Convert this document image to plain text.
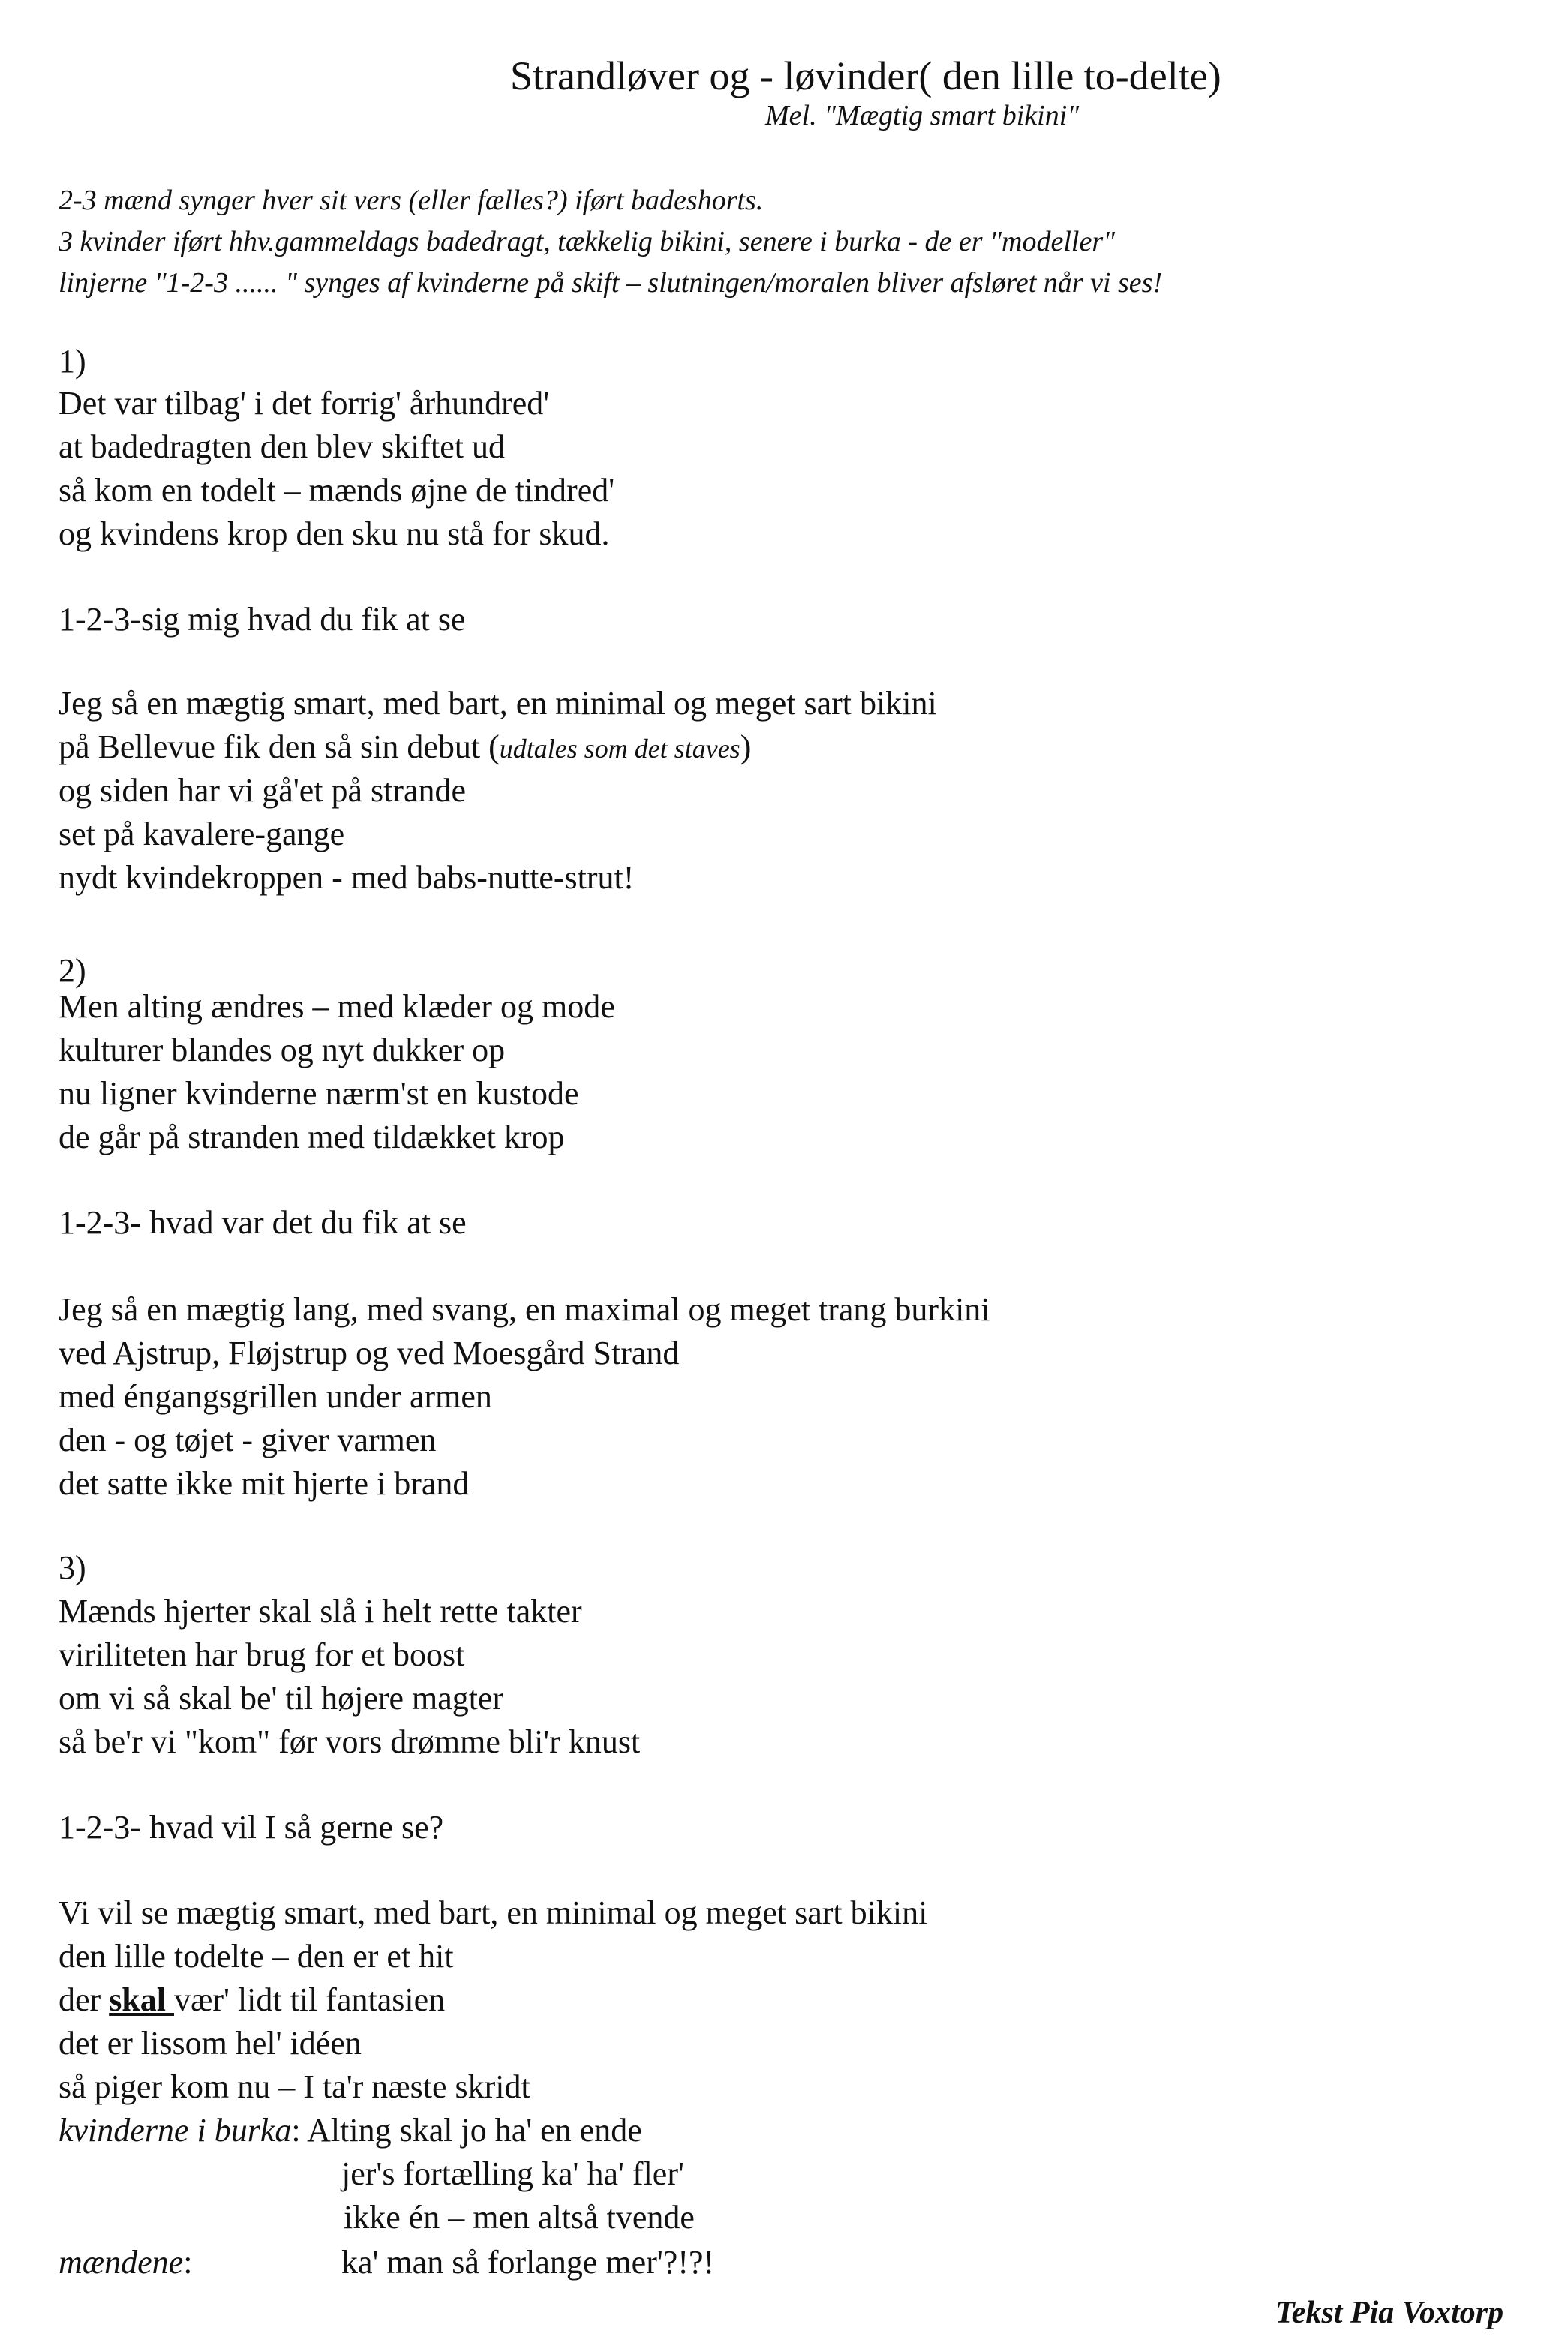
Strandløver og - løvinder( den lille to-delte)
Mel. "Mægtig smart bikini"
2-3 mænd synger hver sit vers (eller fælles?) iført badeshorts.
3 kvinder iført hhv.gammeldags badedragt, tækkelig bikini, senere i burka - de er "modeller"
linjerne "1-2-3 ...... " synges af kvinderne på skift – slutningen/moralen bliver afsløret når vi ses!
1)
Det var tilbag' i det forrig' århundred'
at badedragten den blev skiftet ud
så kom en todelt – mænds øjne de tindred'
og kvindens krop den sku nu stå for skud.
1-2-3-sig mig hvad du fik at se
Jeg så en mægtig smart, med bart, en minimal og meget sart bikini
på Bellevue fik den så sin debut (udtales som det staves)
og siden har vi gå'et på strande
set på kavalere-gange
nydt kvindekroppen - med babs-nutte-strut!
2)
Men alting ændres – med klæder og mode
kulturer blandes og nyt dukker op
nu ligner kvinderne nærm'st en kustode
de går på stranden med tildækket krop
1-2-3- hvad var det du fik at se
Jeg så en mægtig lang, med svang, en maximal og meget trang burkini
ved Ajstrup, Fløjstrup og ved Moesgård Strand
med éngangsgrillen under armen
den - og tøjet - giver varmen
det satte ikke mit hjerte i brand
3)
Mænds hjerter skal slå i helt rette takter
viriliteten har brug for et boost
om vi så skal be' til højere magter
så be'r vi "kom" før vors drømme bli'r knust
1-2-3- hvad vil I så gerne se?
Vi vil se mægtig smart, med bart, en minimal og meget sart bikini
den lille todelte – den er et hit
der skal vær' lidt til fantasien
det er lissom hel' idéen
så piger kom nu – I ta'r næste skridt
kvinderne i burka: Alting skal jo ha' en ende
jer's fortælling ka' ha' fler'
ikke én – men altså tvende
mændene:	ka' man så forlange mer'?!?!
Tekst Pia Voxtorp
